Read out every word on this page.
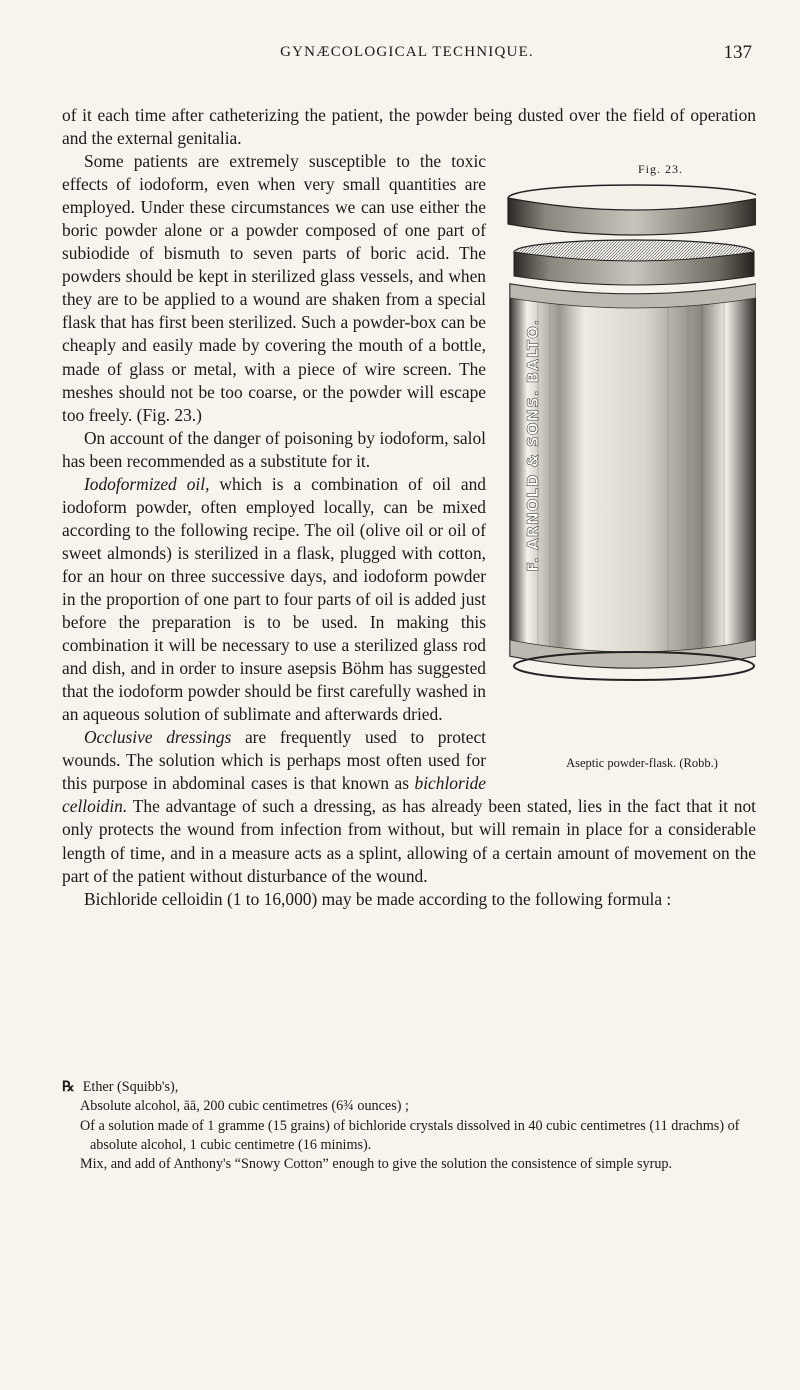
GYNÆCOLOGICAL TECHNIQUE.	137

of it each time after catheterizing the patient, the powder being dusted over the field of operation and the external genitalia.

Fig. 23.
F. ARNOLD & SONS. BALTO.
Aseptic powder-flask. (Robb.)
Some patients are extremely susceptible to the toxic effects of iodoform, even when very small quantities are employed. Under these circumstances we can use either the boric powder alone or a powder composed of one part of subiodide of bismuth to seven parts of boric acid. The powders should be kept in sterilized glass vessels, and when they are to be applied to a wound are shaken from a special flask that has first been sterilized. Such a powder-box can be cheaply and easily made by covering the mouth of a bottle, made of glass or metal, with a piece of wire screen. The meshes should not be too coarse, or the powder will escape too freely. (Fig. 23.)

On account of the danger of poisoning by iodoform, salol has been recommended as a substitute for it.

Iodoformized oil, which is a combination of oil and iodoform powder, often employed locally, can be mixed according to the following recipe. The oil (olive oil or oil of sweet almonds) is sterilized in a flask, plugged with cotton, for an hour on three successive days, and iodoform powder in the proportion of one part to four parts of oil is added just before the preparation is to be used. In making this combination it will be necessary to use a sterilized glass rod and dish, and in order to insure asepsis Böhm has suggested that the iodoform powder should be first carefully washed in an aqueous solution of sublimate and afterwards dried.

Occlusive dressings are frequently used to protect wounds. The solution which is perhaps most often used for this purpose in abdominal cases is that known as bichloride celloidin. The advantage of such a dressing, as has already been stated, lies in the fact that it not only protects the wound from infection from without, but will remain in place for a considerable length of time, and in a measure acts as a splint, allowing of a certain amount of movement on the part of the patient without disturbance of the wound.

Bichloride celloidin (1 to 16,000) may be made according to the following formula :

℞ Ether (Squibb's),

Absolute alcohol, āā, 200 cubic centimetres (6¾ ounces) ;

Of a solution made of 1 gramme (15 grains) of bichloride crystals dissolved in 40 cubic centimetres (11 drachms) of absolute alcohol, 1 cubic centimetre (16 minims).

Mix, and add of Anthony's “Snowy Cotton” enough to give the solution the consistence of simple syrup.
